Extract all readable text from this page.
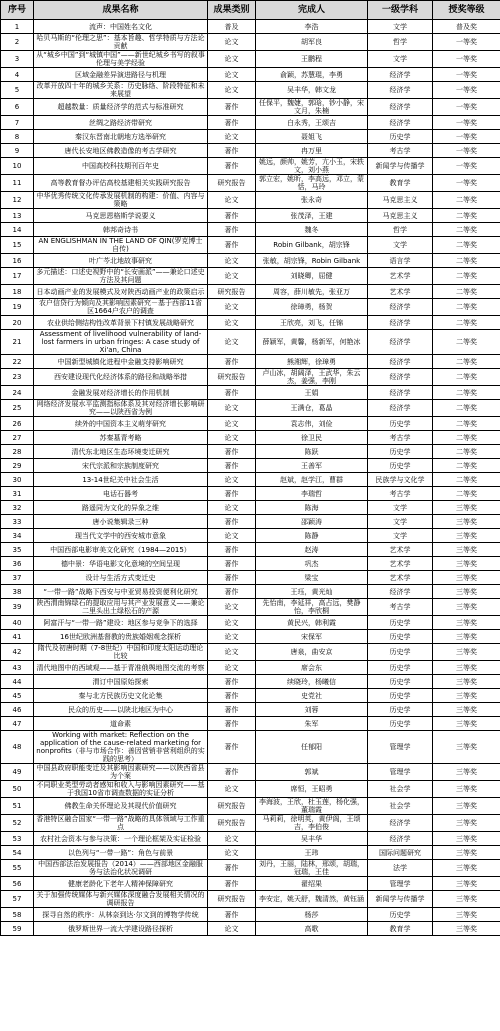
序号	成果名称	成果类别	完成人	一级学科	授奖等级
1	流声：中国姓名文化	普及	李浩	文学	普及奖
2	哈贝马斯的“伦理之思”：基本旨趣、哲学特质与方法论贡献	论文	胡军良	哲学	一等奖
3	从“城乡中国”到“城镇中国”——新世纪城乡书写的叙事伦理与美学经验	论文	王鹏程	文学	一等奖
4	区域金融差异演进路径与机理	论文	俞颖，苏慧琨，李勇	经济学	一等奖
5	改革开放四十年的城乡关系：历史脉络、阶段特征和未来展望	论文	吴丰华，韩文龙	经济学	一等奖
6	超越数量：质量经济学的范式与标准研究	著作	任保平，魏婕，郭晗，钞小静，宋文月，朱楠	经济学	一等奖
7	丝绸之路经济带研究	著作	白永秀，王颂吉	经济学	一等奖
8	秦汉东晋南北朝地方选举研究	论文	聂姐飞	历史学	一等奖
9	唐代长安地区佛教造像的考古学研究	著作	冉万里	考古学	一等奖
10	中国高校科技期刊百年史	著作	姚远，颜帅，姚芳，亢小玉，宋轶文，刘小燕	新闻学与传播学	一等奖
11	高等教育督办评估高校基建相关实践研究报告	研究报告	郭立宏，姚昕，李高远，邓立，蒙恬，马玲	教育学	一等奖
12	中华优秀传统文化传承发展机制的构建：价值、内容与策略	论文	张永奇	马克思主义	二等奖
13	马克思恩格斯学说要义	著作	张茂泽，王建	马克思主义	二等奖
14	韩邦奇诗书	著作	魏冬	哲学	二等奖
15	AN ENGLISHMAN IN THE LAND OF QIN(罗克博士自传)	著作	Robin Gilbank，胡宗锋	文学	二等奖
16	叶广芩北地故事研究	论文	张敏，胡宗锋，Robin Gilbank	语言学	二等奖
17	多元描述：口述史视野中的“长安画派”——兼论口述史方法及其问题	论文	刘晓卿，屈健	艺术学	二等奖
18	日本动画产业的发展模式及对陕西动画产业的政策启示	研究报告	周容，薛川敏先，张亚万	艺术学	二等奖
19	农户信贷行为倾向及其影响因素研究－基于西部11省区1664户农户的调查	论文	徐璋勇，杨贺	经济学	二等奖
20	农业供给侧结构性改革背景下村镇发展战略研究	论文	王欣亮，刘飞，任锦	经济学	二等奖
21	Assessment of livelihood vulnerability of land-lost farmers in urban fringes: A case study of Xi'an, China	论文	薛颖军，黄馨，杨新军，何艳冰	经济学	二等奖
22	中国新型城镇化进程中金融支持影响研究	著作	熊湘辉，徐璋勇	经济学	二等奖
23	西安建设现代化经济体系的路径和战略举措	研究报告	卢山冰，胡阔泽，王武华，朱云杰，姜强，李刚	经济学	二等奖
24	金融发展对经济增长的作用机制	著作	王娟	经济学	二等奖
25	网络经济发展水平监测指标体系及其对经济增长影响研究——以陕西省为例	论文	王满仓，葛晶	经济学	二等奖
26	续外的中国资本主义萌芽研究	论文	袁志伟，刘俭	历史学	二等奖
27	苏秦墓青考略	论文	徐卫民	考古学	二等奖
28	清代东北地区生态环境变迁研究	著作	陈跃	历史学	二等奖
29	宋代宗派和宗族制度研究	著作	王善军	历史学	二等奖
30	13-14世纪关中社会生活	论文	赵斌，赵学江，曹群	民族学与文化学	二等奖
31	电话石器考	著作	李瑞哲	考古学	二等奖
32	路遥同为文化的异象之维	论文	陈海	文学	三等奖
33	唐小说集辑录三种	著作	邵颖涛	文学	三等奖
34	现当代文学中的西安城市意象	论文	陈静	文学	三等奖
35	中国西部电影审美文化研究（1984—2015）	著作	赵涛	艺术学	三等奖
36	德中景：华语电影文化意境的空间呈现	著作	巩杰	艺术学	三等奖
37	设计与生活方式变迁史	著作	梁宝	艺术学	三等奖
38	“一带一路”战略下西安与中亚贸易投资便利化研究	著作	王珏，黄光灿	经济学	三等奖
39	陕西渭南锦绿石的提取应用与其产业发展意义——兼论二里头出土绿松石的产源	论文	先怡南，李延祥，高占远，樊静怡，李欣桐	考古学	三等奖
40	阿富汗与“一带一路”建设：地区参与竞争下的选择	论文	黄民兴，韩利霞	历史学	三等奖
41	16世纪欧洲基督教的贵族婚姻观念探析	论文	宋保军	历史学	三等奖
42	隋代及初唐时期（7-8世纪）中国和印度太阳运动理论比较	论文	唐泉，曲安京	历史学	三等奖
43	清代地图中的西域观——基于青准俄舆地图交流的考察	论文	席会东	历史学	三等奖
44	渭订中国原始探索	著作	续晓玲，杨曦信	历史学	三等奖
45	秦与北方民族历史文化论集	著作	史党社	历史学	三等奖
46	民众的历史——以陕北地区为中心	著作	刘蓉	历史学	三等奖
47	道命素	著作	朱军	历史学	三等奖
48	Working with market: Reflection on the application of the cause-related marketing for nonprofits（非与市场合作：善因营销非营利组织的实践的思考）	著作	任郁阳	管理学	三等奖
49	中国县政府职能变迁及其影响因素研究——以陕西省县为个案	著作	郭斌	管理学	三等奖
50	不同职业类型劳动者感知和收入与影响因素研究——基于我国10省市调查数据的实证分析	论文	席恒，王昭勇	社会学	三等奖
51	佛教生命关怀理论及其现代价值研究	研究报告	李海波，王欣，杜玉莲，杨化强，董瑞霞	社会学	三等奖
52	香港特区融合国家“一带一路”战略的具体领域与工作重点	研究报告	马莉莉，徐明英，黄伊阁，王颂吉，李伯俊	经济学	三等奖
53	农村社会资本与参与决策：一个理论框架及实证检验	论文	吴丰华	经济学	三等奖
54	以色列与“一带一路”：角色与前景	论文	王玮	国际问题研究	三等奖
55	中国西部法治发展报告（2014）——西部地区金融服务与法治化状况调研	著作	刘丹，王丽，陆林，邢颂，胡瑞，冠瑞，王佳	法学	三等奖
56	健康老龄化下老年人精神保障研究	著作	翟绍果	管理学	三等奖
57	关于加强传统媒体与新兴媒体深度融合发展相关情况的调研报告	研究报告	李安定，姚天舒，魏清然，黄钰涵	新闻学与传播学	三等奖
58	探寻自然的秩序：从林奈到达·尔文到的博物学传统	著作	杨莎	历史学	三等奖
59	俄罗斯世界一流大学建设路径探析	论文	高歌	教育学	三等奖
